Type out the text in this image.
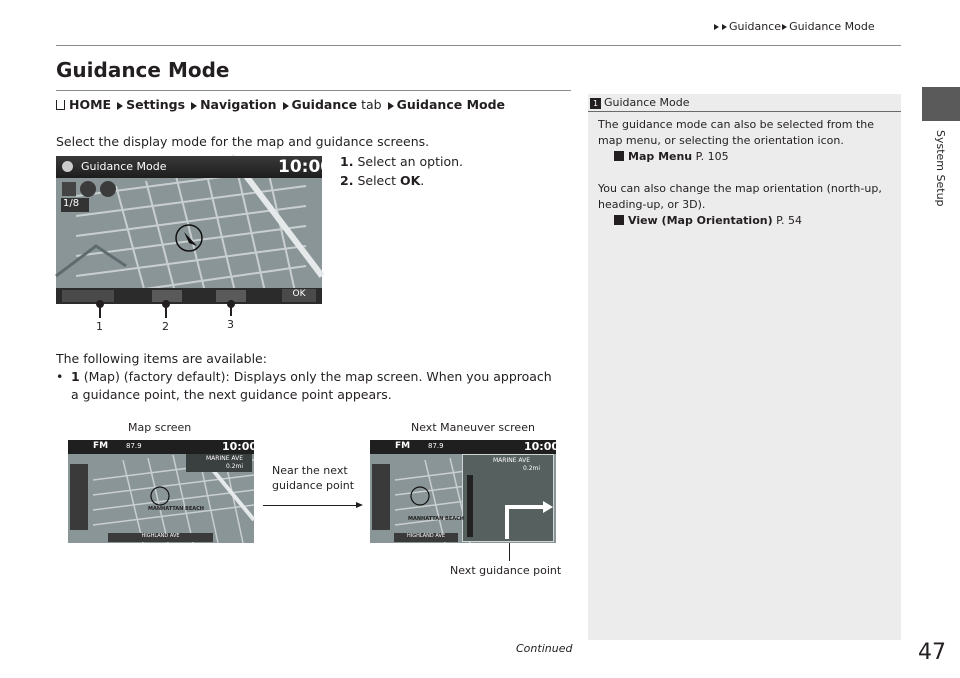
Guidance Guidance Mode
System Setup
Guidance Mode
HOME Settings Navigation Guidance tab Guidance Mode
Select the display mode for the map and guidance screens.
1. Select an option.
2. Select OK.
Guidance Mode	10:00
1/8
OK
1	2	3
The following items are available:
• 1 (Map) (factory default): Displays only the map screen. When you approach a guidance point, the next guidance point appears.
Map screen	Next Maneuver screen
FM	87.9	10:00
MARINE AVE
0.2mi
MANHATTAN BEACH
HIGHLAND AVE
Near the next guidance point
FM	87.9	10:00
MARINE AVE
0.2mi
MANHATTAN BEACH
HIGHLAND AVE
Next guidance point
1 Guidance Mode
The guidance mode can also be selected from the map menu, or selecting the orientation icon.
Map Menu P. 105
You can also change the map orientation (north-up, heading-up, or 3D).
View (Map Orientation) P. 54
Continued	47
